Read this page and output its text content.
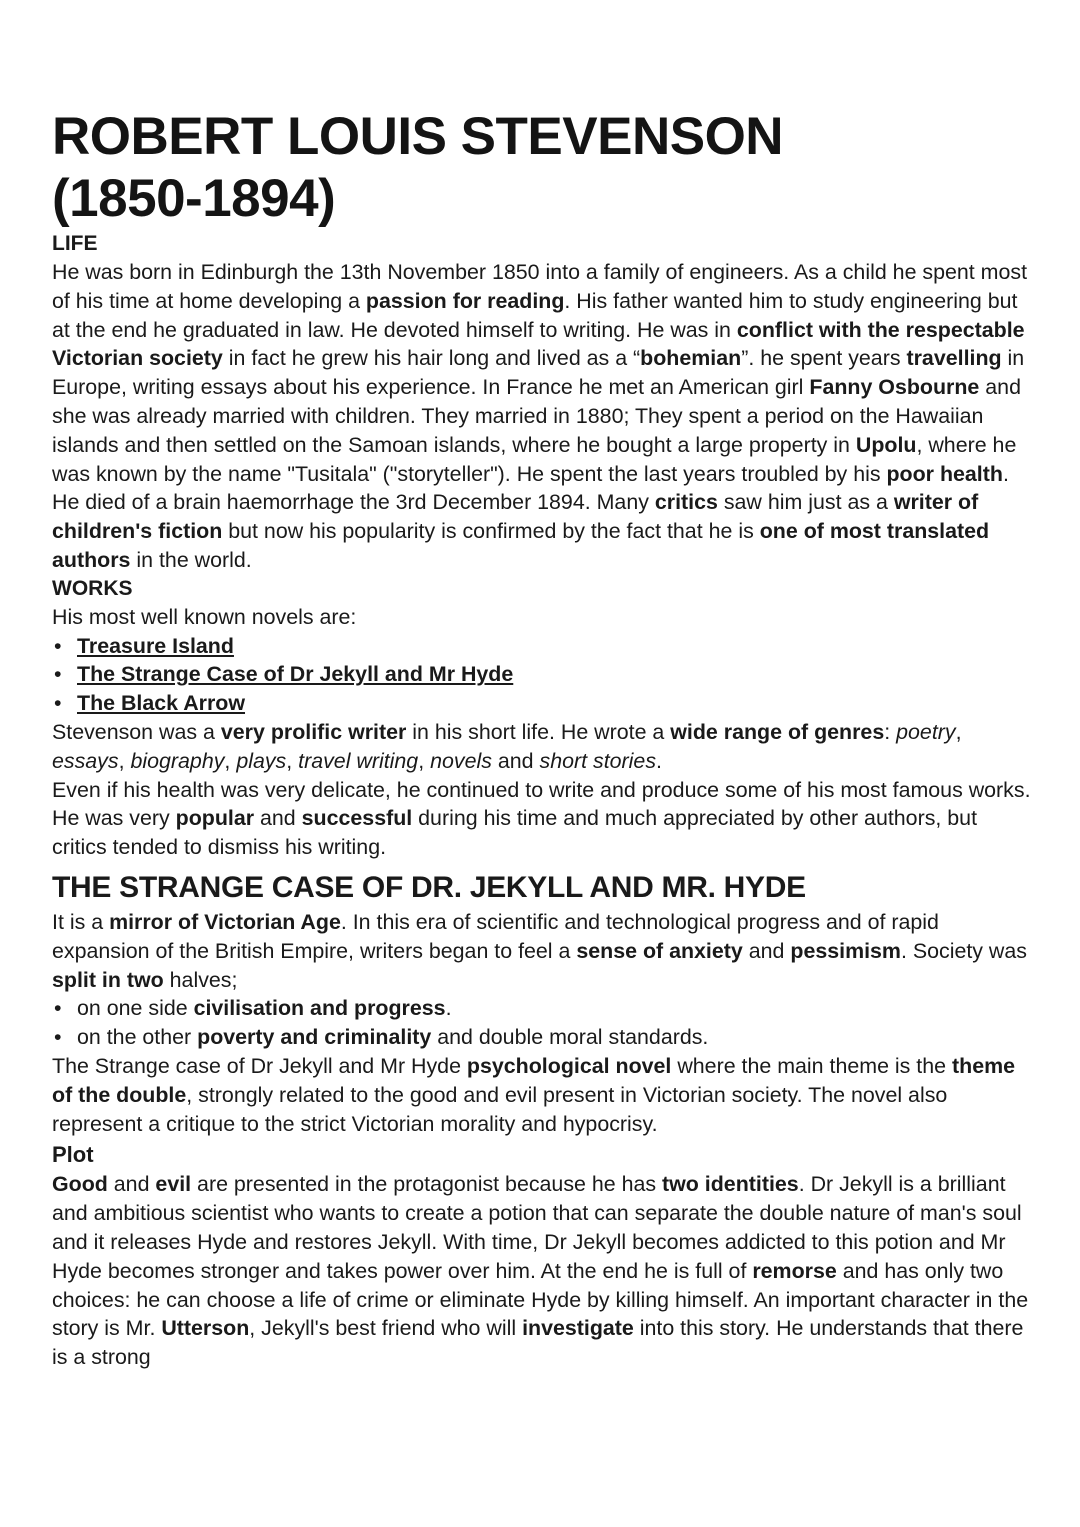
ROBERT LOUIS STEVENSON
(1850-1894)
LIFE

He was born in Edinburgh the 13th November 1850 into a family of engineers. As a child he spent most of his time at home developing a passion for reading. His father wanted him to study engineering but at the end he graduated in law. He devoted himself to writing. He was in conflict with the respectable Victorian society in fact he grew his hair long and lived as a “bohemian”. he spent years travelling in Europe, writing essays about his experience. In France he met an American girl Fanny Osbourne and she was already married with children. They married in 1880; They spent a period on the Hawaiian islands and then settled on the Samoan islands, where he bought a large property in Upolu, where he was known by the name "Tusitala" ("storyteller"). He spent the last years troubled by his poor health. He died of a brain haemorrhage the 3rd December 1894. Many critics saw him just as a writer of children's fiction but now his popularity is confirmed by the fact that he is one of most translated authors in the world.

WORKS

His most well known novels are:

• Treasure Island
• The Strange Case of Dr Jekyll and Mr Hyde
• The Black Arrow

Stevenson was a very prolific writer in his short life. He wrote a wide range of genres: poetry, essays, biography, plays, travel writing, novels and short stories.

Even if his health was very delicate, he continued to write and produce some of his most famous works.

He was very popular and successful during his time and much appreciated by other authors, but critics tended to dismiss his writing.

THE STRANGE CASE OF DR. JEKYLL AND MR. HYDE

It is a mirror of Victorian Age. In this era of scientific and technological progress and of rapid expansion of the British Empire, writers began to feel a sense of anxiety and pessimism. Society was split in two halves;

• on one side civilisation and progress.
• on the other poverty and criminality and double moral standards.

The Strange case of Dr Jekyll and Mr Hyde psychological novel where the main theme is the theme of the double, strongly related to the good and evil present in Victorian society. The novel also represent a critique to the strict Victorian morality and hypocrisy.

Plot

Good and evil are presented in the protagonist because he has two identities. Dr Jekyll is a brilliant and ambitious scientist who wants to create a potion that can separate the double nature of man's soul and it releases Hyde and restores Jekyll. With time, Dr Jekyll becomes addicted to this potion and Mr Hyde becomes stronger and takes power over him. At the end he is full of remorse and has only two choices: he can choose a life of crime or eliminate Hyde by killing himself. An important character in the story is Mr. Utterson, Jekyll's best friend who will investigate into this story. He understands that there is a strong
